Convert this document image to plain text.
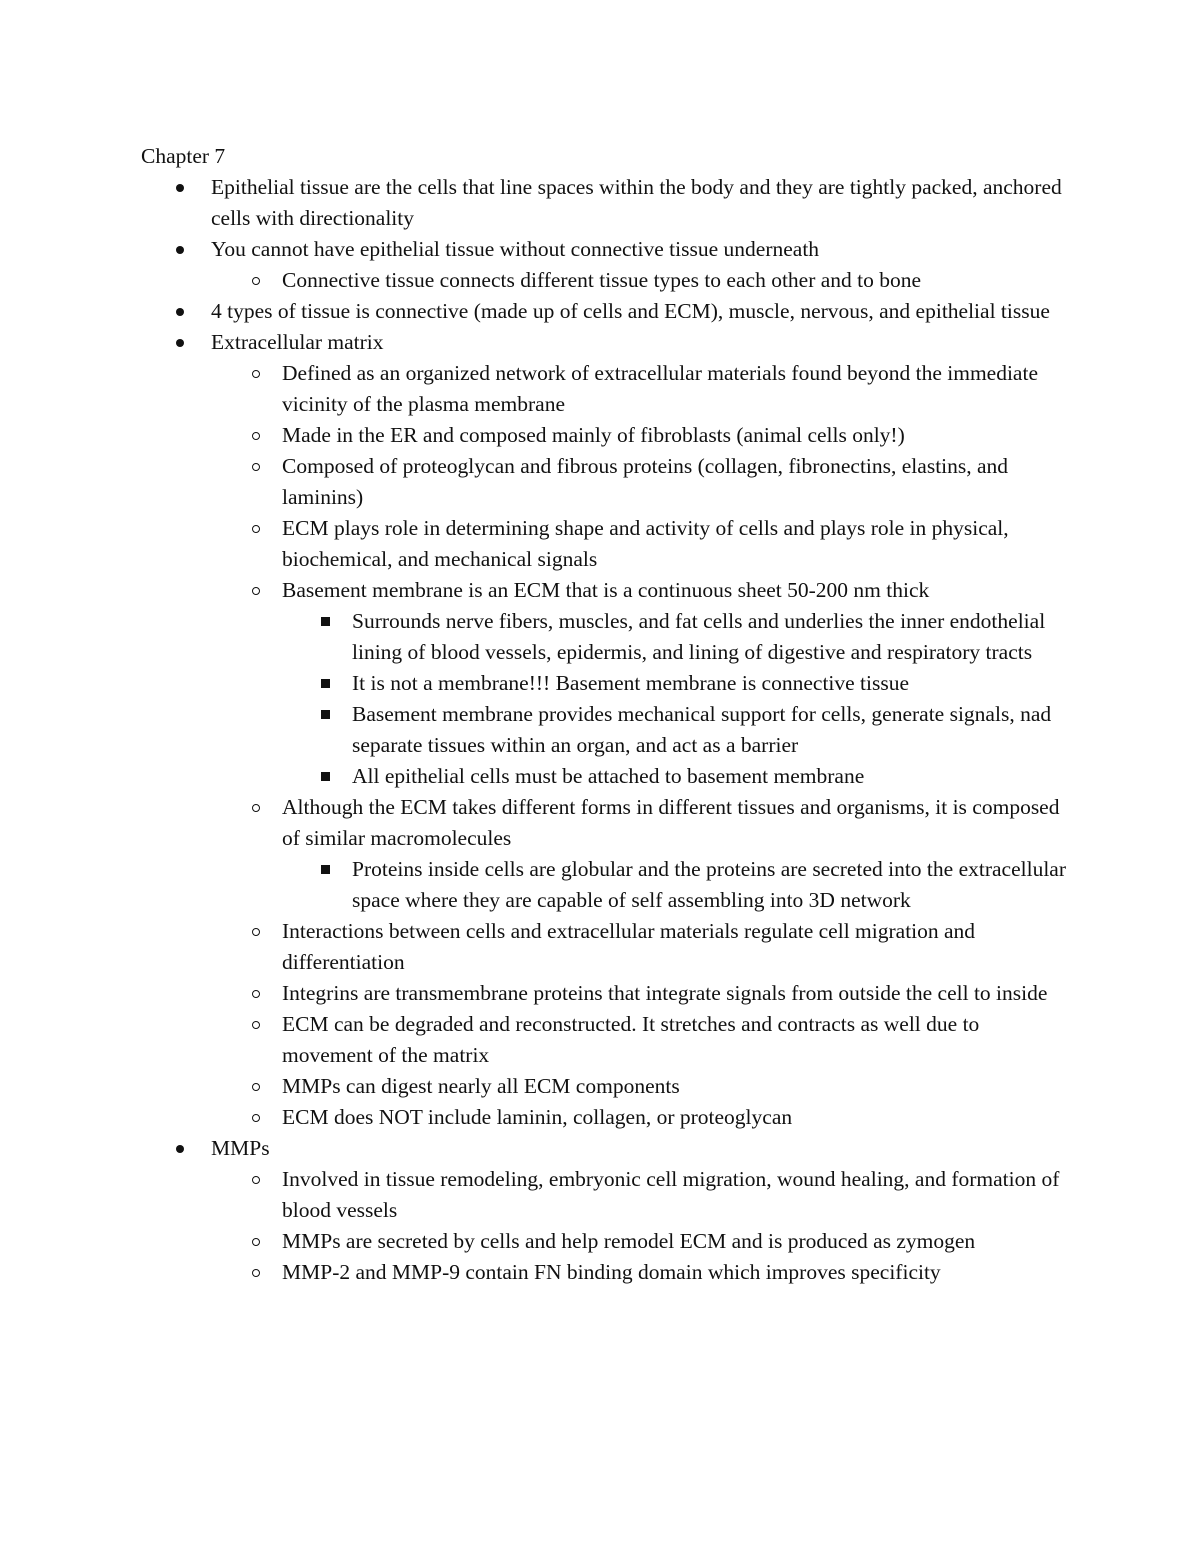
Chapter 7
Epithelial tissue are the cells that line spaces within the body and they are tightly packed, anchored cells with directionality
You cannot have epithelial tissue without connective tissue underneath
Connective tissue connects different tissue types to each other and to bone
4 types of tissue is connective (made up of cells and ECM), muscle, nervous, and epithelial tissue
Extracellular matrix
Defined as an organized network of extracellular materials found beyond the immediate vicinity of the plasma membrane
Made in the ER and composed mainly of fibroblasts (animal cells only!)
Composed of proteoglycan and fibrous proteins (collagen, fibronectins, elastins, and laminins)
ECM plays role in determining shape and activity of cells and plays role in physical, biochemical, and mechanical signals
Basement membrane is an ECM that is a continuous sheet 50-200 nm thick
Surrounds nerve fibers, muscles, and fat cells and underlies the inner endothelial lining of blood vessels, epidermis, and lining of digestive and respiratory tracts
It is not a membrane!!! Basement membrane is connective tissue
Basement membrane provides mechanical support for cells, generate signals, nad separate tissues within an organ, and act as a barrier
All epithelial cells must be attached to basement membrane
Although the ECM takes different forms in different tissues and organisms, it is composed of similar macromolecules
Proteins inside cells are globular and the proteins are secreted into the extracellular space where they are capable of self assembling into 3D network
Interactions between cells and extracellular materials regulate cell migration and differentiation
Integrins are transmembrane proteins that integrate signals from outside the cell to inside
ECM can be degraded and reconstructed. It stretches and contracts as well due to movement of the matrix
MMPs can digest nearly all ECM components
ECM does NOT include laminin, collagen, or proteoglycan
MMPs
Involved in tissue remodeling, embryonic cell migration, wound healing, and formation of blood vessels
MMPs are secreted by cells and help remodel ECM and is produced as zymogen
MMP-2 and MMP-9 contain FN binding domain which improves specificity
